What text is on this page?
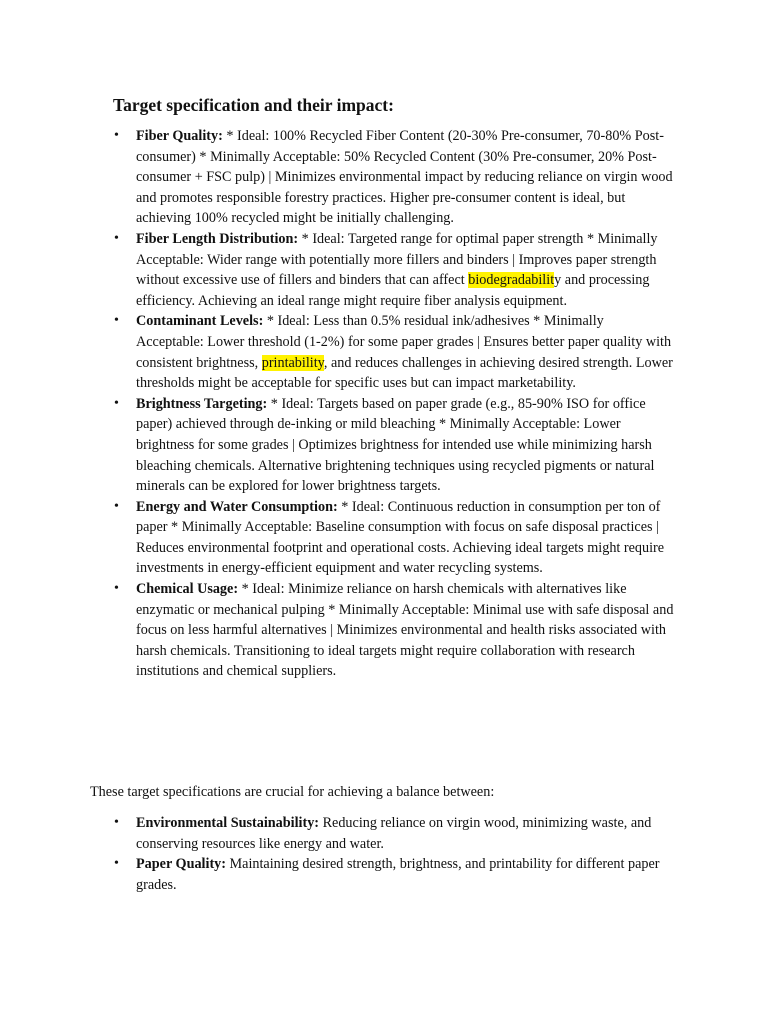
Target specification and their impact:
• Fiber Quality: * Ideal: 100% Recycled Fiber Content (20-30% Pre-consumer, 70-80% Post-consumer) * Minimally Acceptable: 50% Recycled Content (30% Pre-consumer, 20% Post-consumer + FSC pulp) | Minimizes environmental impact by reducing reliance on virgin wood and promotes responsible forestry practices. Higher pre-consumer content is ideal, but achieving 100% recycled might be initially challenging.
• Fiber Length Distribution: * Ideal: Targeted range for optimal paper strength * Minimally Acceptable: Wider range with potentially more fillers and binders | Improves paper strength without excessive use of fillers and binders that can affect biodegradability and processing efficiency. Achieving an ideal range might require fiber analysis equipment.
• Contaminant Levels: * Ideal: Less than 0.5% residual ink/adhesives * Minimally Acceptable: Lower threshold (1-2%) for some paper grades | Ensures better paper quality with consistent brightness, printability, and reduces challenges in achieving desired strength. Lower thresholds might be acceptable for specific uses but can impact marketability.
• Brightness Targeting: * Ideal: Targets based on paper grade (e.g., 85-90% ISO for office paper) achieved through de-inking or mild bleaching * Minimally Acceptable: Lower brightness for some grades | Optimizes brightness for intended use while minimizing harsh bleaching chemicals. Alternative brightening techniques using recycled pigments or natural minerals can be explored for lower brightness targets.
• Energy and Water Consumption: * Ideal: Continuous reduction in consumption per ton of paper * Minimally Acceptable: Baseline consumption with focus on safe disposal practices | Reduces environmental footprint and operational costs. Achieving ideal targets might require investments in energy-efficient equipment and water recycling systems.
• Chemical Usage: * Ideal: Minimize reliance on harsh chemicals with alternatives like enzymatic or mechanical pulping * Minimally Acceptable: Minimal use with safe disposal and focus on less harmful alternatives | Minimizes environmental and health risks associated with harsh chemicals. Transitioning to ideal targets might require collaboration with research institutions and chemical suppliers.

These target specifications are crucial for achieving a balance between:

• Environmental Sustainability: Reducing reliance on virgin wood, minimizing waste, and conserving resources like energy and water.
• Paper Quality: Maintaining desired strength, brightness, and printability for different paper grades.
